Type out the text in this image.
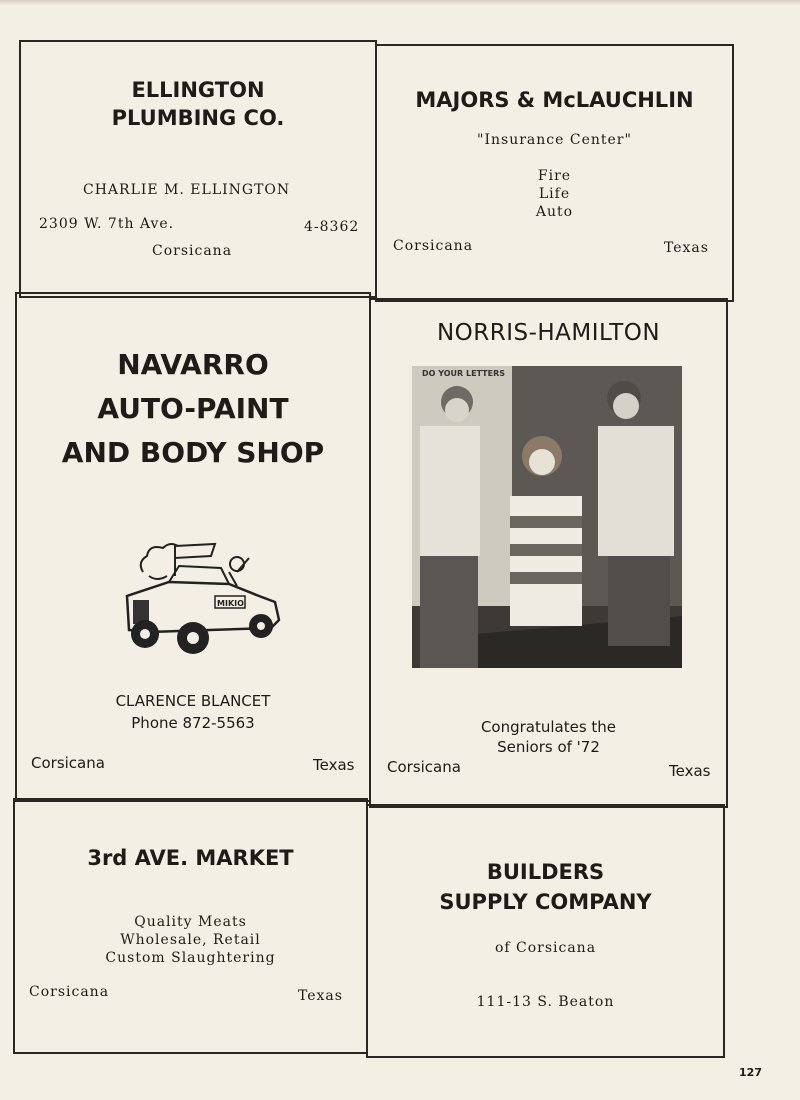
ELLINGTON
PLUMBING CO.
CHARLIE M. ELLINGTON
2309 W. 7th Ave.	4-8362
Corsicana
MAJORS & McLAUCHLIN
"Insurance Center"
Fire
Life
Auto
Corsicana	Texas
NAVARRO
AUTO-PAINT
AND BODY SHOP
MIKIO
CLARENCE BLANCET
Phone 872-5563
Corsicana	Texas
NORRIS-HAMILTON
DO YOUR LETTERS
Congratulates the
Seniors of '72
Corsicana	Texas
3rd AVE. MARKET
Quality Meats
Wholesale, Retail
Custom Slaughtering
Corsicana	Texas
BUILDERS
SUPPLY COMPANY
of Corsicana
111-13 S. Beaton
127
